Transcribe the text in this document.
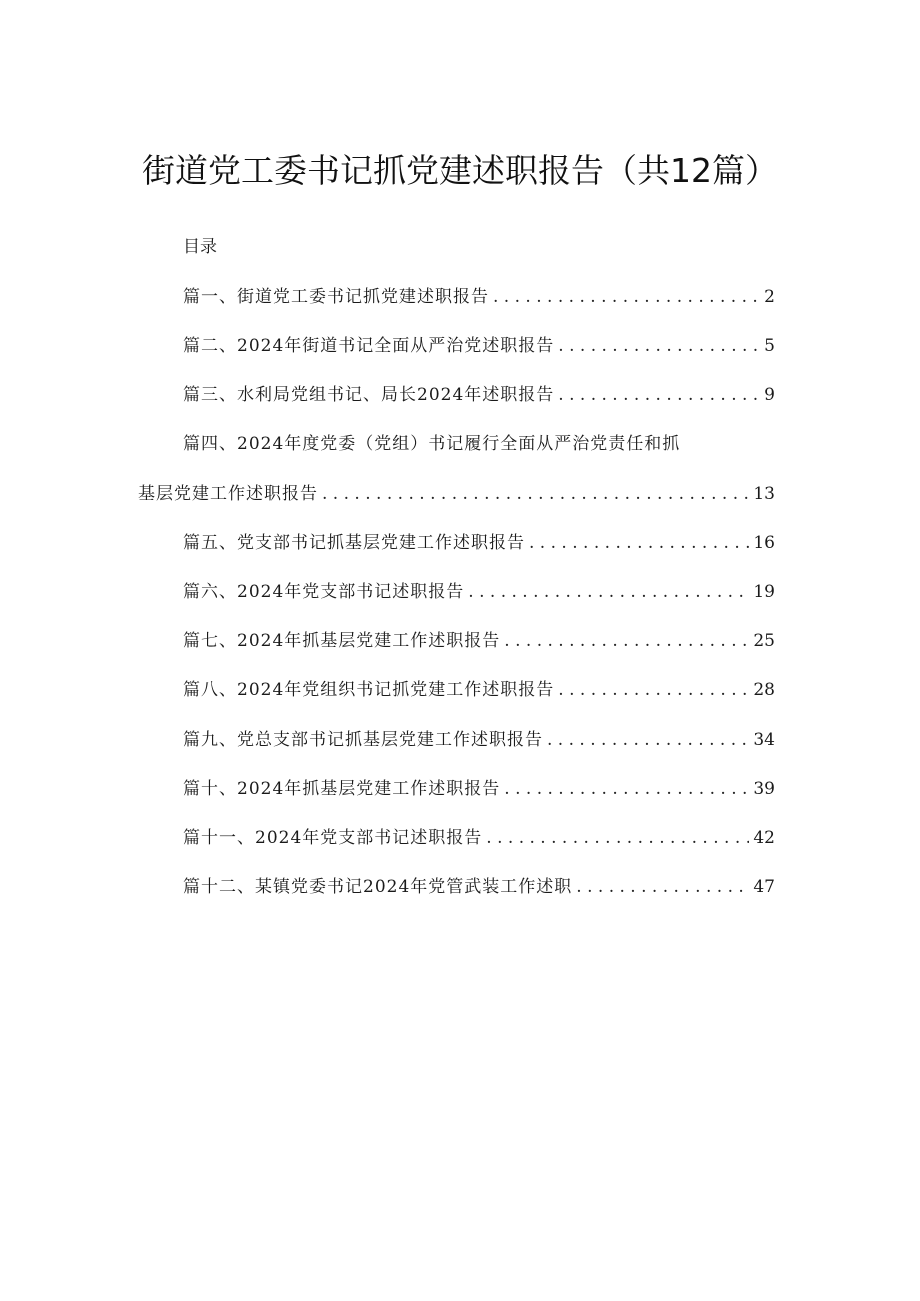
街道党工委书记抓党建述职报告（共12篇）
目录
篇一、街道党工委书记抓党建述职报告 . . .	2
篇二、2024年街道书记全面从严治党述职报告 . . .	5
篇三、水利局党组书记、局长2024年述职报告 . . .	9
篇四、2024年度党委（党组）书记履行全面从严治党责任和抓
基层党建工作述职报告 . . .	13
篇五、党支部书记抓基层党建工作述职报告 . . .	16
篇六、2024年党支部书记述职报告 . . .	19
篇七、2024年抓基层党建工作述职报告 . . .	25
篇八、2024年党组织书记抓党建工作述职报告 . . .	28
篇九、党总支部书记抓基层党建工作述职报告 . . .	34
篇十、2024年抓基层党建工作述职报告 . . .	39
篇十一、2024年党支部书记述职报告 . . .	42
篇十二、某镇党委书记2024年党管武装工作述职 . . .	47
